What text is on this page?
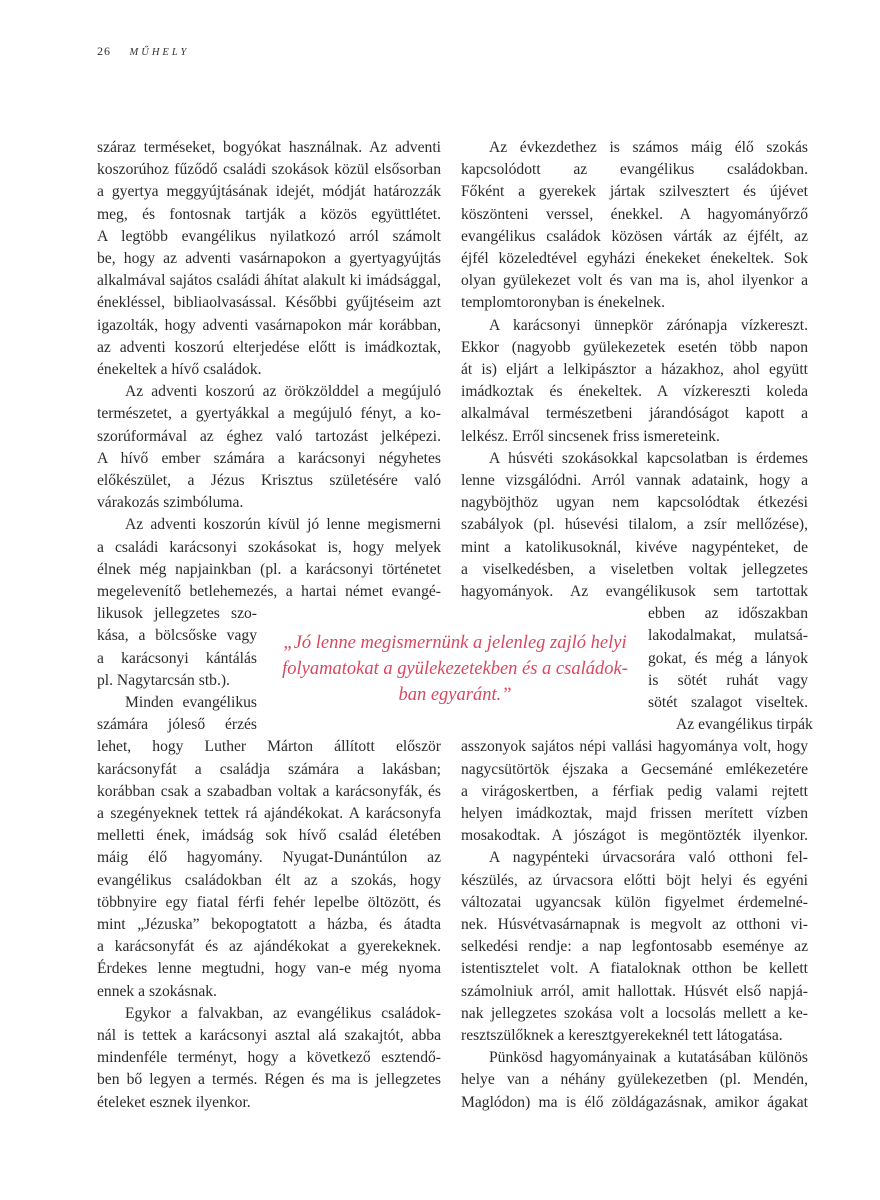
26 MŰHELY
száraz terméseket, bogyókat használnak. Az adventi
koszorúhoz fűződő családi szokások közül elsősorban
a gyertya meggyújtásának idejét, módját határozzák
meg, és fontosnak tartják a közös együttlétet.
A legtöbb evangélikus nyilatkozó arról számolt
be, hogy az adventi vasárnapokon a gyertyagyújtás
alkalmával sajátos családi áhítat alakult ki imádsággal,
énekléssel, bibliaolvasással. Későbbi gyűjtéseim azt
igazolták, hogy adventi vasárnapokon már korábban,
az adventi koszorú elterjedése előtt is imádkoztak,
énekeltek a hívő családok.
Az adventi koszorú az örökzölddel a megújuló
természetet, a gyertyákkal a megújuló fényt, a ko-
szorúformával az éghez való tartozást jelképezi.
A hívő ember számára a karácsonyi négyhetes
előkészület, a Jézus Krisztus születésére való
várakozás szimbóluma.
Az adventi koszorún kívül jó lenne megismerni
a családi karácsonyi szokásokat is, hogy melyek
élnek még napjainkban (pl. a karácsonyi történetet
megelevenítő betlehemezés, a hartai német evangé-
likusok jellegzetes szo-
kása, a bölcsőske vagy
a karácsonyi kántálás
pl. Nagytarcsán stb.).
Minden evangélikus
számára jóleső érzés
lehet, hogy Luther Márton állított először
karácsonyfát a családja számára a lakásban;
korábban csak a szabadban voltak a karácsonyfák, és
a szegényeknek tettek rá ajándékokat. A karácsonyfa
melletti ének, imádság sok hívő család életében
máig élő hagyomány. Nyugat-Dunántúlon az
evangélikus családokban élt az a szokás, hogy
többnyire egy fiatal férfi fehér lepelbe öltözött, és
mint „Jézuska” bekopogtatott a házba, és átadta
a karácsonyfát és az ajándékokat a gyerekeknek.
Érdekes lenne megtudni, hogy van-e még nyoma
ennek a szokásnak.
Egykor a falvakban, az evangélikus családok-
nál is tettek a karácsonyi asztal alá szakajtót, abba
mindenféle terményt, hogy a következő esztendő-
ben bő legyen a termés. Régen és ma is jellegzetes
ételeket esznek ilyenkor.
Az évkezdethez is számos máig élő szokás
kapcsolódott az evangélikus családokban.
Főként a gyerekek jártak szilvesztert és újévet
köszönteni verssel, énekkel. A hagyományőrző
evangélikus családok közösen várták az éjfélt, az
éjfél közeledtével egyházi énekeket énekeltek. Sok
olyan gyülekezet volt és van ma is, ahol ilyenkor a
templomtoronyban is énekelnek.
A karácsonyi ünnepkör zárónapja vízkereszt.
Ekkor (nagyobb gyülekezetek esetén több napon
át is) eljárt a lelkipásztor a házakhoz, ahol együtt
imádkoztak és énekeltek. A vízkereszti koleda
alkalmával természetbeni járandóságot kapott a
lelkész. Erről sincsenek friss ismereteink.
A húsvéti szokásokkal kapcsolatban is érdemes
lenne vizsgálódni. Arról vannak adataink, hogy a
nagyböjthöz ugyan nem kapcsolódtak étkezési
szabályok (pl. húsevési tilalom, a zsír mellőzése),
mint a katolikusoknál, kivéve nagypénteket, de
a viselkedésben, a viseletben voltak jellegzetes
hagyományok. Az evangélikusok sem tartottak
ebben az időszakban
lakodalmakat, mulatsá-
gokat, és még a lányok
is sötét ruhát vagy
sötét szalagot viseltek.
Az evangélikus tirpák
asszonyok sajátos népi vallási hagyománya volt, hogy
nagycsütörtök éjszaka a Gecsemáné emlékezetére
a virágoskertben, a férfiak pedig valami rejtett
helyen imádkoztak, majd frissen merített vízben
mosakodtak. A jószágot is megöntözték ilyenkor.
A nagypénteki úrvacsorára való otthoni fel-
készülés, az úrvacsora előtti böjt helyi és egyéni
változatai ugyancsak külön figyelmet érdemelné-
nek. Húsvétvasárnapnak is megvolt az otthoni vi-
selkedési rendje: a nap legfontosabb eseménye az
istentisztelet volt. A fiataloknak otthon be kellett
számolniuk arról, amit hallottak. Húsvét első napjá-
nak jellegzetes szokása volt a locsolás mellett a ke-
resztszülőknek a keresztgyerekeknél tett látogatása.
Pünkösd hagyományainak a kutatásában különös
helye van a néhány gyülekezetben (pl. Mendén,
Maglódon) ma is élő zöldágazásnak, amikor ágakat
„Jó lenne megismernünk a jelenleg zajló helyi
folyamatokat a gyülekezetekben és a családok-
ban egyaránt.”
